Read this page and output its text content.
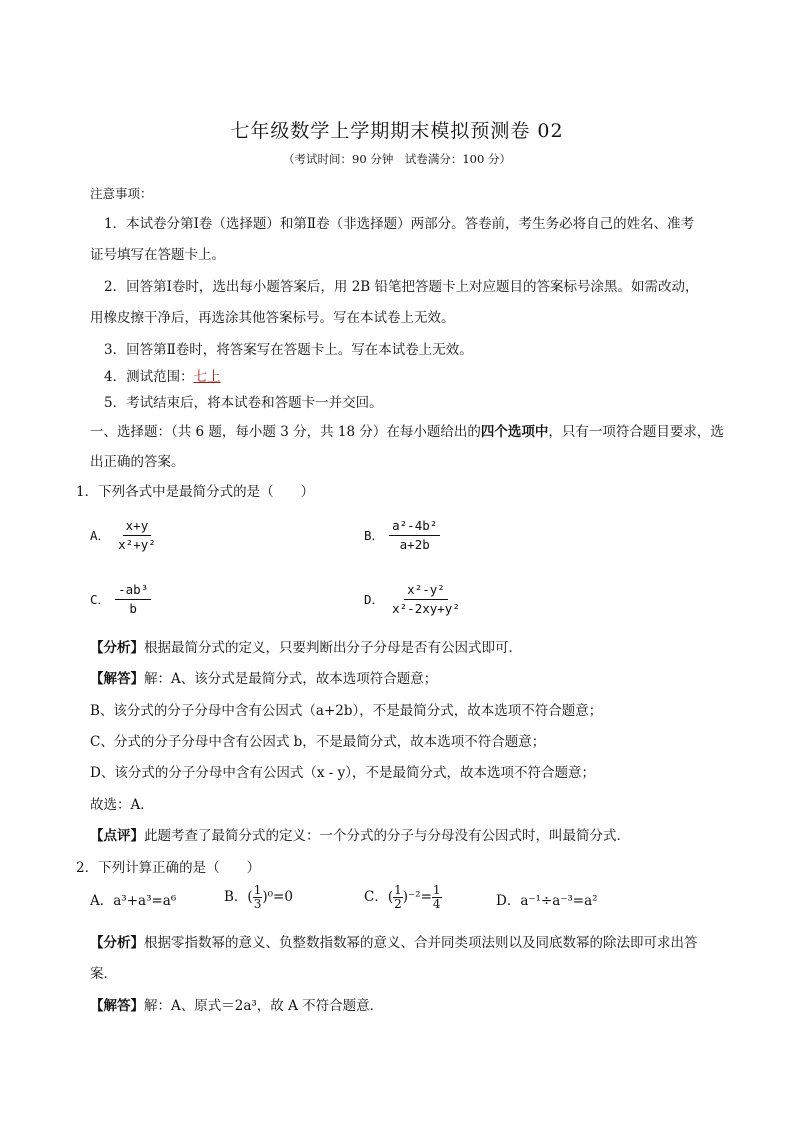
七年级数学上学期期末模拟预测卷 02
（考试时间：90 分钟　试卷满分：100 分）
注意事项：
1．本试卷分第Ⅰ卷（选择题）和第Ⅱ卷（非选择题）两部分。答卷前，考生务必将自己的姓名、准考
证号填写在答题卡上。
2．回答第Ⅰ卷时，选出每小题答案后，用 2B 铅笔把答题卡上对应题目的答案标号涂黑。如需改动，
用橡皮擦干净后，再选涂其他答案标号。写在本试卷上无效。
3．回答第Ⅱ卷时，将答案写在答题卡上。写在本试卷上无效。
4．测试范围：七上
5．考试结束后，将本试卷和答题卡一并交回。
一、选择题：（共 6 题，每小题 3 分，共 18 分）在每小题给出的四个选项中，只有一项符合题目要求，选
出正确的答案。
1．下列各式中是最简分式的是（　　）
A． $\frac{x+y}{\text{x²+y²}}$	B． $\frac{\text{a²-4b²}}{a+2b}$
C． $\frac{\text{-ab³}}{b}$	D． $\frac{\text{x²-y²}}{\text{x²-2xy+y²}}$
【分析】根据最简分式的定义，只要判断出分子分母是否有公因式即可．
【解答】解：A、该分式是最简分式，故本选项符合题意；
B、该分式的分子分母中含有公因式（a+2b），不是最简分式，故本选项不符合题意；
C、分式的分子分母中含有公因式 b，不是最简分式，故本选项不符合题意；
D、该分式的分子分母中含有公因式（x - y），不是最简分式，故本选项不符合题意；
故选：A．
【点评】此题考查了最简分式的定义：一个分式的分子与分母没有公因式时，叫最简分式．
2．下列计算正确的是（　　）
A．a³+a³=a⁶	B．( $\frac{1}{3} )^0=0$	C．( $\frac{1}{2} )^{-2}= \frac{1}{4}$	D．a⁻¹÷a⁻³=a²
【分析】根据零指数幂的意义、负整数指数幂的意义、合并同类项法则以及同底数幂的除法即可求出答
案．
【解答】解：A、原式＝2a³，故 A 不符合题意．
